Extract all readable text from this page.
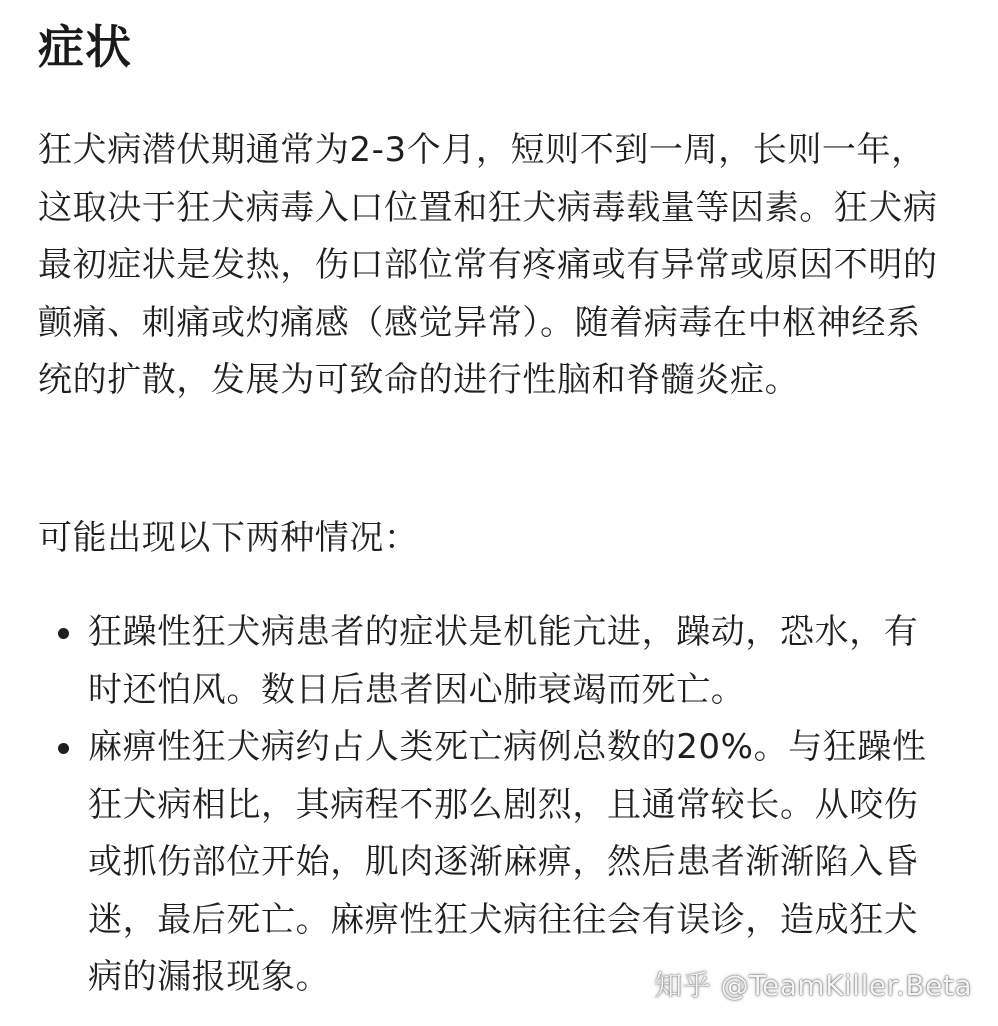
症状

狂犬病潜伏期通常为2-3个月，短则不到一周，长则一年，这取决于狂犬病毒入口位置和狂犬病毒载量等因素。狂犬病最初症状是发热，伤口部位常有疼痛或有异常或原因不明的颤痛、刺痛或灼痛感（感觉异常）。随着病毒在中枢神经系统的扩散，发展为可致命的进行性脑和脊髓炎症。

可能出现以下两种情况：

狂躁性狂犬病患者的症状是机能亢进，躁动，恐水，有时还怕风。数日后患者因心肺衰竭而死亡。
麻痹性狂犬病约占人类死亡病例总数的20%。与狂躁性狂犬病相比，其病程不那么剧烈，且通常较长。从咬伤或抓伤部位开始，肌肉逐渐麻痹，然后患者渐渐陷入昏迷，最后死亡。麻痹性狂犬病往往会有误诊，造成狂犬病的漏报现象。	知乎 @TeamKiller.Beta
